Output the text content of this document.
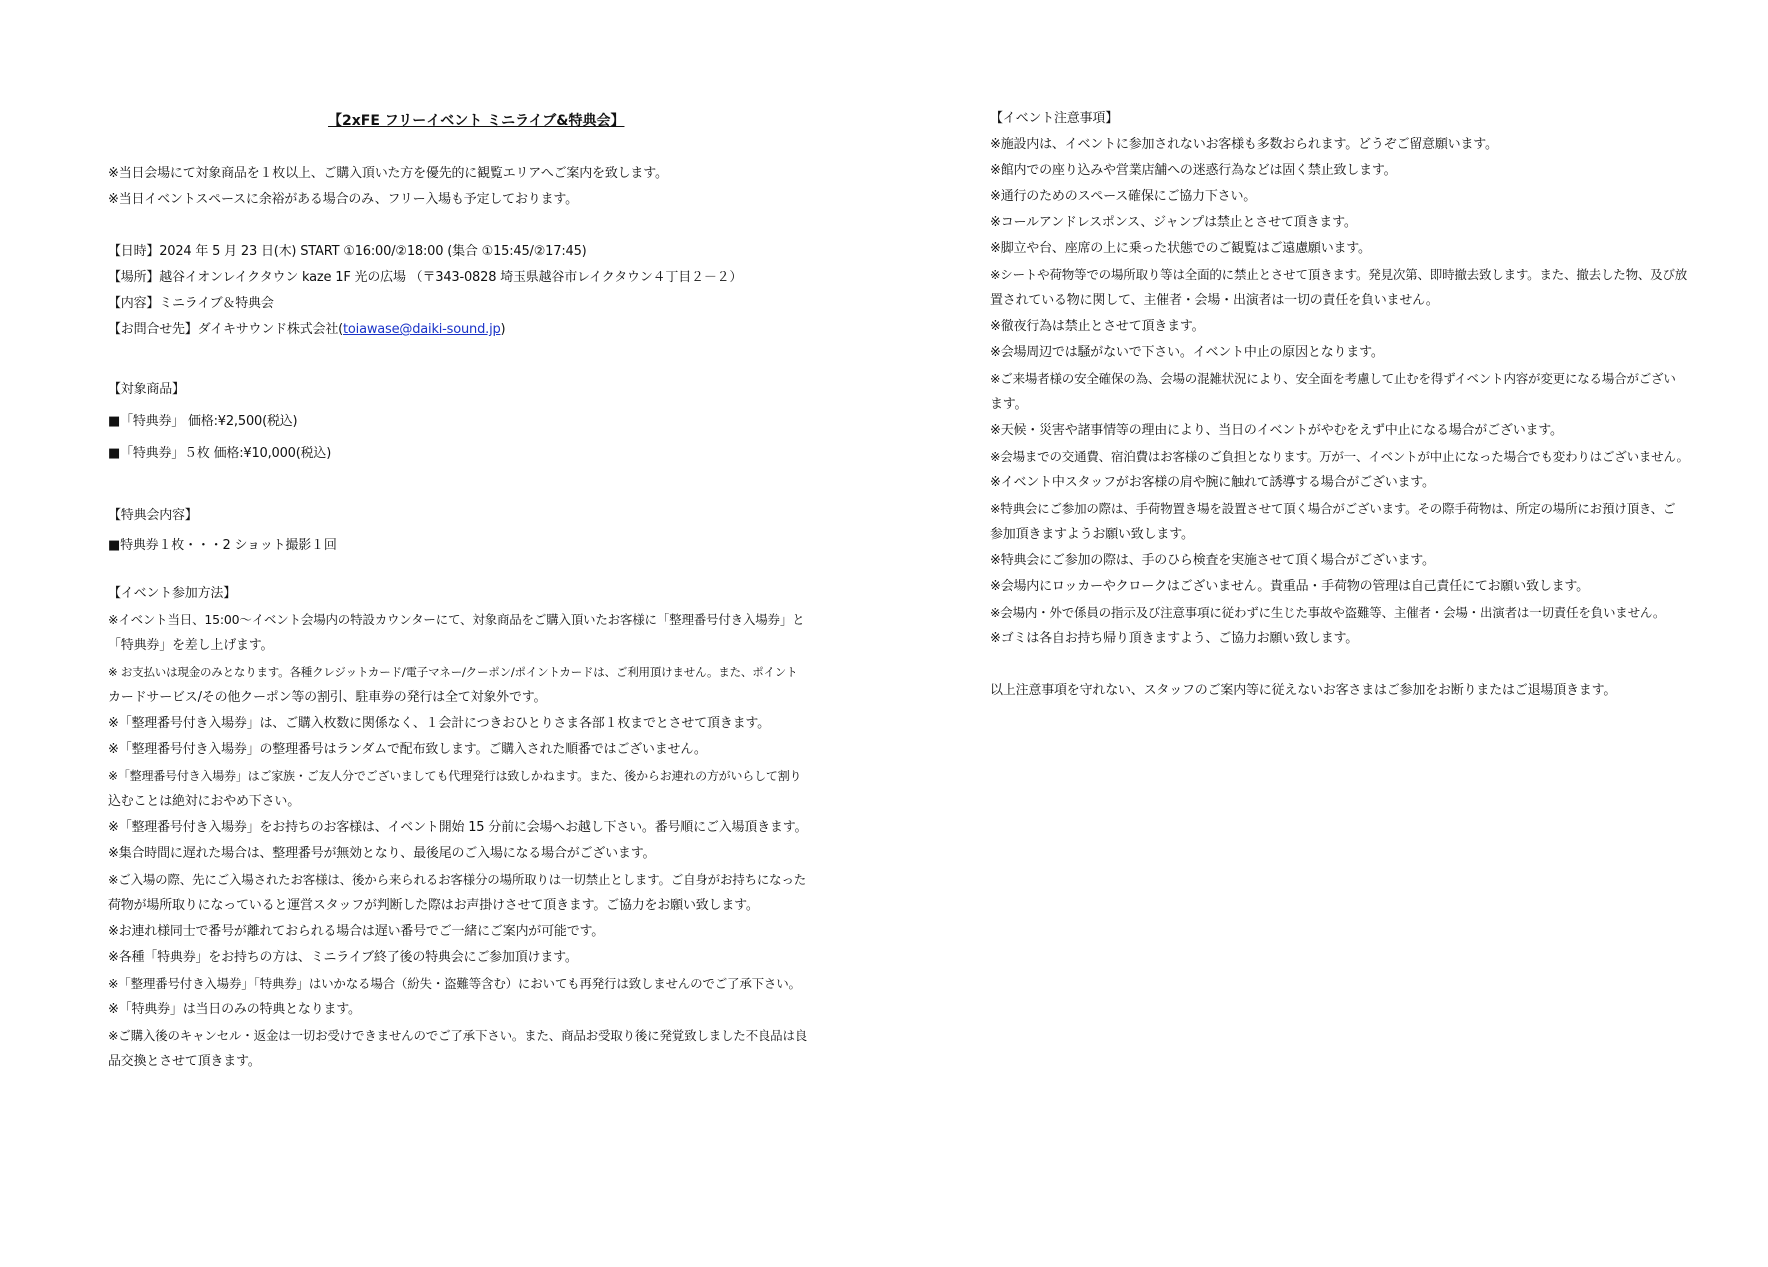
【2xFE フリーイベント ミニライブ&特典会】
※当日会場にて対象商品を１枚以上、ご購入頂いた方を優先的に観覧エリアへご案内を致します。
※当日イベントスペースに余裕がある場合のみ、フリー入場も予定しております。
【日時】2024 年 5 月 23 日(木) START ①16:00/②18:00 (集合 ①15:45/②17:45)
【場所】越谷イオンレイクタウン kaze 1F 光の広場 （〒343-0828 埼玉県越谷市レイクタウン４丁目２－２）
【内容】ミニライブ＆特典会
【お問合せ先】ダイキサウンド株式会社(toiawase@daiki-sound.jp)
【対象商品】
■「特典券」 価格:¥2,500(税込)
■「特典券」５枚 価格:¥10,000(税込)
【特典会内容】
■特典券１枚・・・2 ショット撮影１回
【イベント参加方法】
※イベント当日、15:00～イベント会場内の特設カウンターにて、対象商品をご購入頂いたお客様に「整理番号付き入場券」と
「特典券」を差し上げます。
※ お支払いは現金のみとなります。各種クレジットカード/電子マネー/クーポン/ポイントカードは、ご利用頂けません。また、ポイント
カードサービス/その他クーポン等の割引、駐車券の発行は全て対象外です。
※「整理番号付き入場券」は、ご購入枚数に関係なく、１会計につきおひとりさま各部１枚までとさせて頂きます。
※「整理番号付き入場券」の整理番号はランダムで配布致します。ご購入された順番ではございません。
※「整理番号付き入場券」はご家族・ご友人分でございましても代理発行は致しかねます。また、後からお連れの方がいらして割り
込むことは絶対におやめ下さい。
※「整理番号付き入場券」をお持ちのお客様は、イベント開始 15 分前に会場へお越し下さい。番号順にご入場頂きます。
※集合時間に遅れた場合は、整理番号が無効となり、最後尾のご入場になる場合がございます。
※ご入場の際、先にご入場されたお客様は、後から来られるお客様分の場所取りは一切禁止とします。ご自身がお持ちになった
荷物が場所取りになっていると運営スタッフが判断した際はお声掛けさせて頂きます。ご協力をお願い致します。
※お連れ様同士で番号が離れておられる場合は遅い番号でご一緒にご案内が可能です。
※各種「特典券」をお持ちの方は、ミニライブ終了後の特典会にご参加頂けます。
※「整理番号付き入場券」「特典券」はいかなる場合（紛失・盗難等含む）においても再発行は致しませんのでご了承下さい。
※「特典券」は当日のみの特典となります。
※ご購入後のキャンセル・返金は一切お受けできませんのでご了承下さい。また、商品お受取り後に発覚致しました不良品は良
品交換とさせて頂きます。
【イベント注意事項】
※施設内は、イベントに参加されないお客様も多数おられます。どうぞご留意願います。
※館内での座り込みや営業店舗への迷惑行為などは固く禁止致します。
※通行のためのスペース確保にご協力下さい。
※コールアンドレスポンス、ジャンプは禁止とさせて頂きます。
※脚立や台、座席の上に乗った状態でのご観覧はご遠慮願います。
※シートや荷物等での場所取り等は全面的に禁止とさせて頂きます。発見次第、即時撤去致します。また、撤去した物、及び放
置されている物に関して、主催者・会場・出演者は一切の責任を負いません。
※徹夜行為は禁止とさせて頂きます。
※会場周辺では騒がないで下さい。イベント中止の原因となります。
※ご来場者様の安全確保の為、会場の混雑状況により、安全面を考慮して止むを得ずイベント内容が変更になる場合がござい
ます。
※天候・災害や諸事情等の理由により、当日のイベントがやむをえず中止になる場合がございます。
※会場までの交通費、宿泊費はお客様のご負担となります。万が一、イベントが中止になった場合でも変わりはございません。
※イベント中スタッフがお客様の肩や腕に触れて誘導する場合がございます。
※特典会にご参加の際は、手荷物置き場を設置させて頂く場合がございます。その際手荷物は、所定の場所にお預け頂き、ご
参加頂きますようお願い致します。
※特典会にご参加の際は、手のひら検査を実施させて頂く場合がございます。
※会場内にロッカーやクロークはございません。貴重品・手荷物の管理は自己責任にてお願い致します。
※会場内・外で係員の指示及び注意事項に従わずに生じた事故や盗難等、主催者・会場・出演者は一切責任を負いません。
※ゴミは各自お持ち帰り頂きますよう、ご協力お願い致します。
以上注意事項を守れない、スタッフのご案内等に従えないお客さまはご参加をお断りまたはご退場頂きます。
